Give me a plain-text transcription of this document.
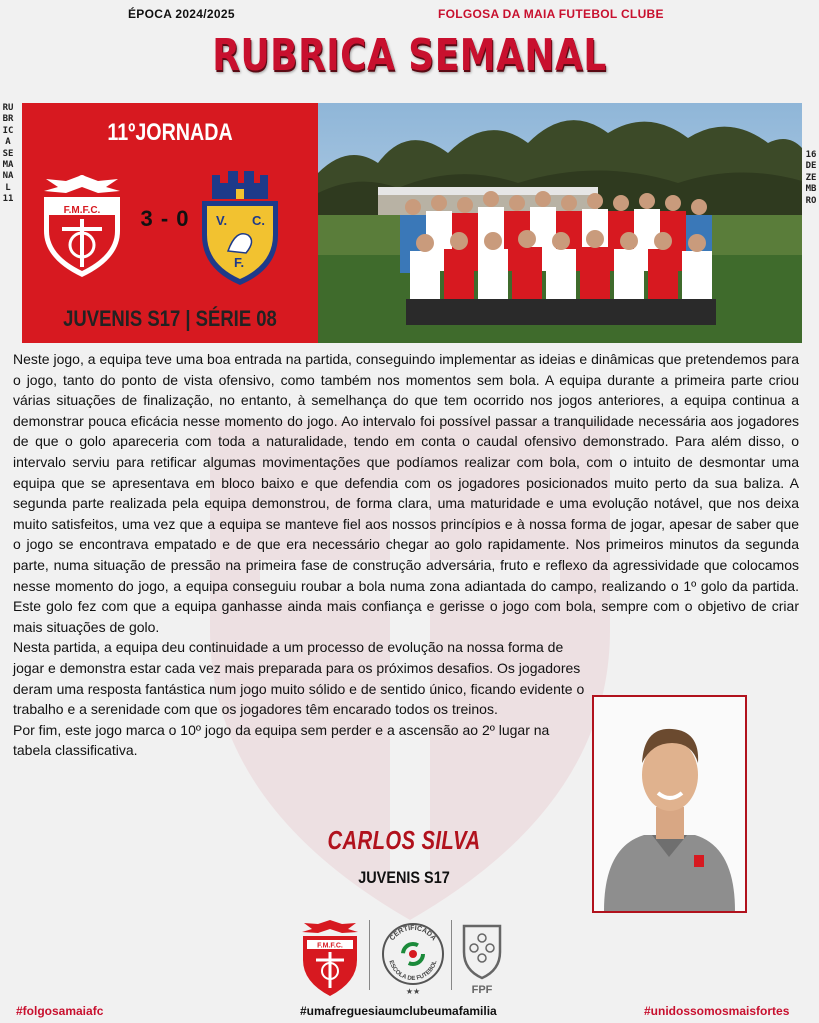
ÉPOCA 2024/2025	FOLGOSA DA MAIA FUTEBOL CLUBE
RUBRICA SEMANAL
RUBRICA SEMANAL 11
16 DEZEMBRO
11ºJORNADA
F.M.F.C.	3 - 0	V. C.
F.
JUVENIS S17 | SÉRIE 08

Neste jogo, a equipa teve uma boa entrada na partida, conseguindo implementar as ideias e dinâmicas que pretendemos para o jogo, tanto do ponto de vista ofensivo, como também nos momentos sem bola. A equipa durante a primeira parte criou várias situações de finalização, no entanto, à semelhança do que tem ocorrido nos jogos anteriores, a equipa continua a demonstrar pouca eficácia nesse momento do jogo. Ao intervalo foi possível passar a tranquilidade necessária aos jogadores de que o golo apareceria com toda a naturalidade, tendo em conta o caudal ofensivo demonstrado. Para além disso, o intervalo serviu para retificar algumas movimentações que podíamos realizar com bola, com o intuito de desmontar uma equipa que se apresentava em bloco baixo e que defendia com os jogadores posicionados muito perto da sua baliza. A segunda parte realizada pela equipa demonstrou, de forma clara, uma maturidade e uma evolução notável, que nos deixa muito satisfeitos, uma vez que a equipa se manteve fiel aos nossos princípios e à nossa forma de jogar, apesar de saber que o jogo se encontrava empatado e de que era necessário chegar ao golo rapidamente. Nos primeiros minutos da segunda parte, numa situação de pressão na primeira fase de construção adversária, fruto e reflexo da agressividade que colocamos nesse momento do jogo, a equipa conseguiu roubar a bola numa zona adiantada do campo, realizando o 1º golo da partida. Este golo fez com que a equipa ganhasse ainda mais confiança e gerisse o jogo com bola, sempre com o objetivo de criar mais situações de golo.

Nesta partida, a equipa deu continuidade a um processo de evolução na nossa forma de jogar e demonstra estar cada vez mais preparada para os próximos desafios. Os jogadores deram uma resposta fantástica num jogo muito sólido e de sentido único, ficando evidente o trabalho e a serenidade com que os jogadores têm encarado todos os treinos.

Por fim, este jogo marca o 10º jogo da equipa sem perder e a ascensão ao 2º lugar na tabela classificativa.

CARLOS SILVA
JUVENIS S17
F.M.F.C.
CERTIFICADA
ESCOLA DE FUTEBOL
★★	FPF
#folgosamaiafc	#umafreguesiaumclubeumafamilia	#unidossomosmaisfortes
